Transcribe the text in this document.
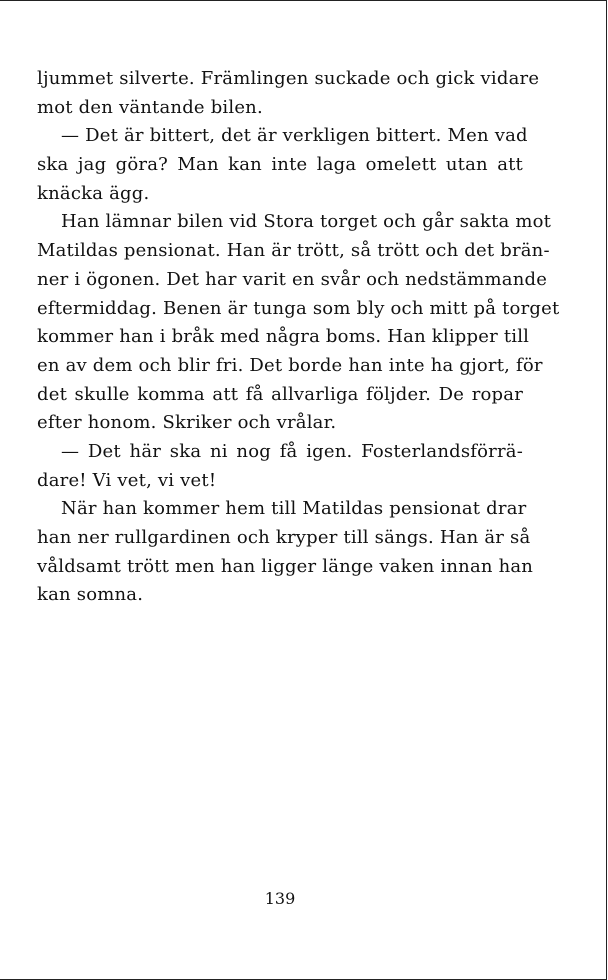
ljummet silverte. Främlingen suckade och gick vidare
mot den väntande bilen.
— Det är bittert, det är verkligen bittert. Men vad
ska jag göra? Man kan inte laga omelett utan att
knäcka ägg.
Han lämnar bilen vid Stora torget och går sakta mot
Matildas pensionat. Han är trött, så trött och det brän-
ner i ögonen. Det har varit en svår och nedstämmande
eftermiddag. Benen är tunga som bly och mitt på torget
kommer han i bråk med några boms. Han klipper till
en av dem och blir fri. Det borde han inte ha gjort, för
det skulle komma att få allvarliga följder. De ropar
efter honom. Skriker och vrålar.
— Det här ska ni nog få igen. Fosterlandsförrä-
dare! Vi vet, vi vet!
När han kommer hem till Matildas pensionat drar
han ner rullgardinen och kryper till sängs. Han är så
våldsamt trött men han ligger länge vaken innan han
kan somna.
139
